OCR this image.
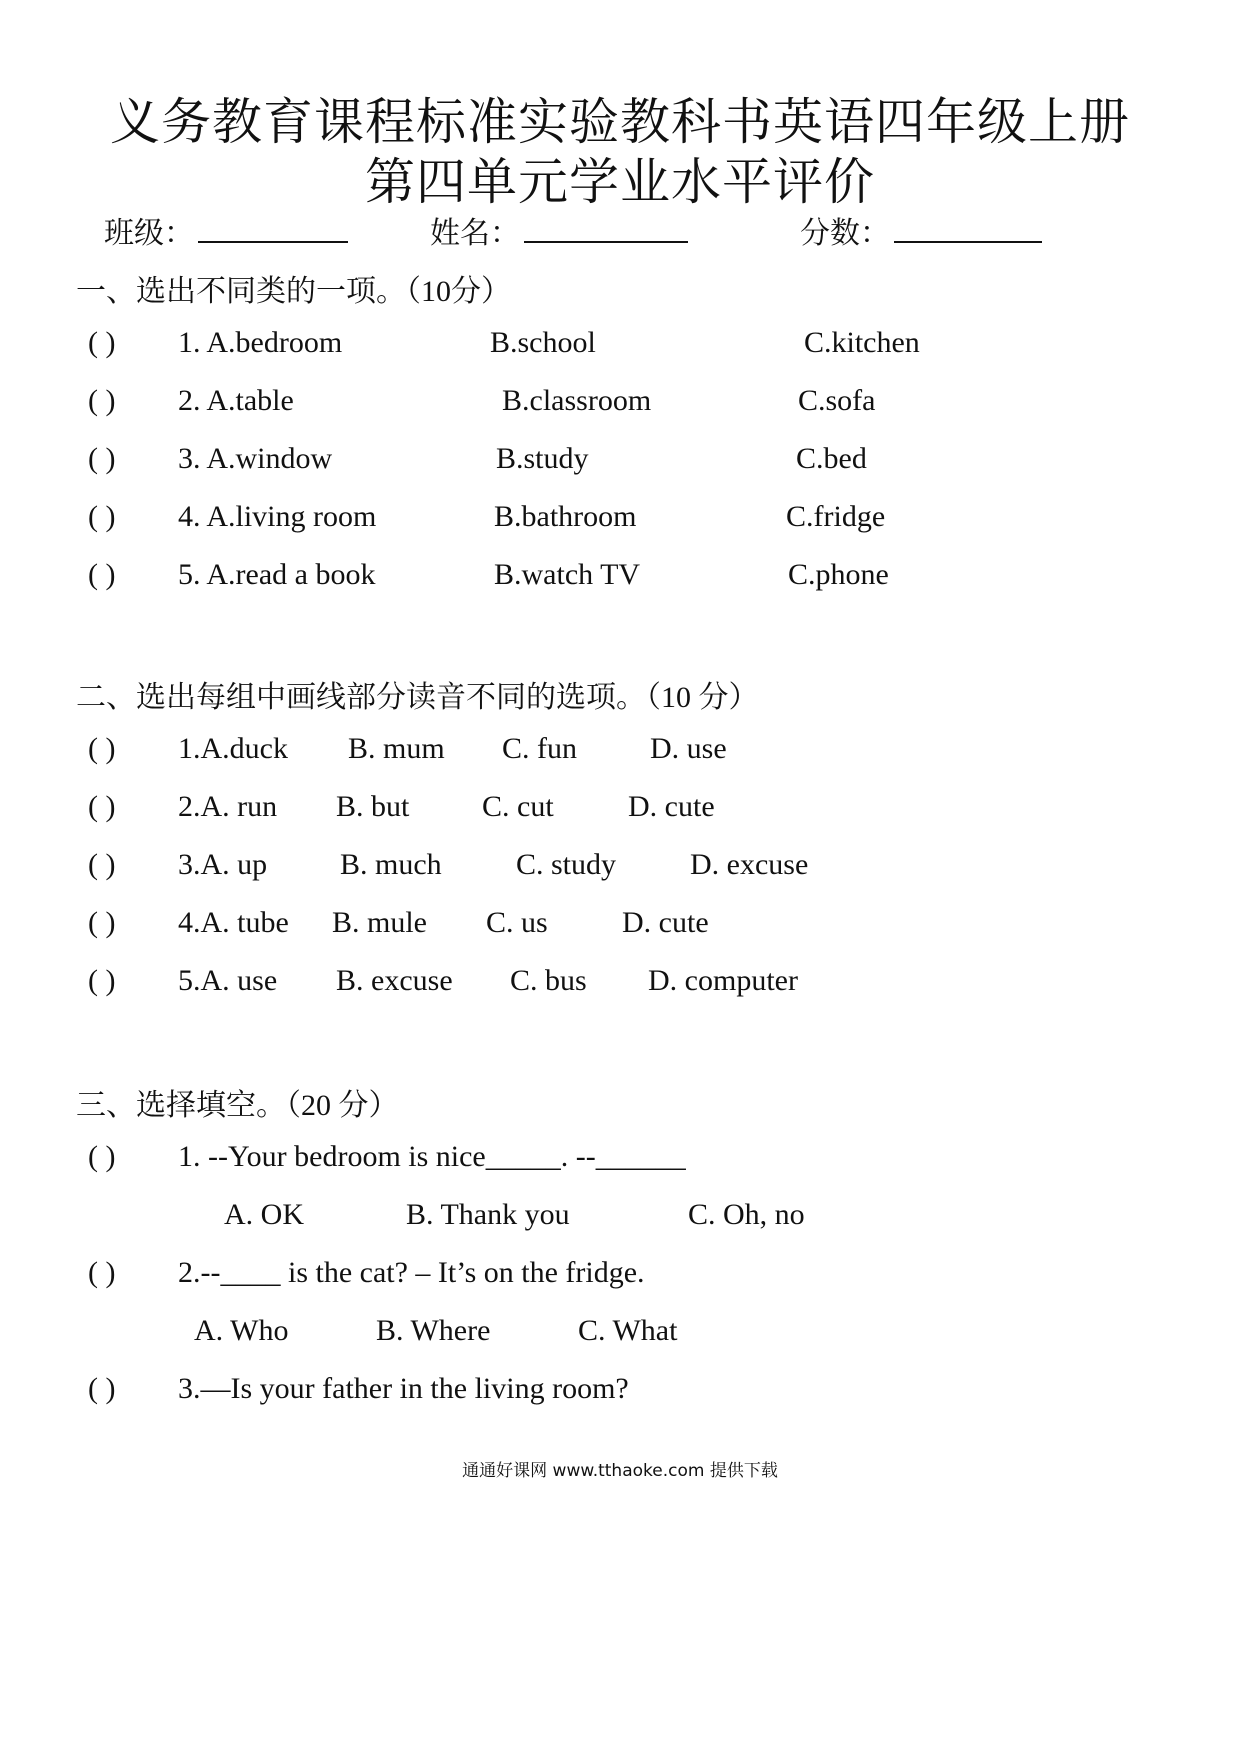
义务教育课程标准实验教科书英语四年级上册
第四单元学业水平评价
班级：	姓名：	分数：
一、选出不同类的一项。（10分）
( ) 1. A.bedroom	B.school	C.kitchen
( ) 2. A.table	B.classroom	C.sofa
( ) 3. A.window	B.study	C.bed
( ) 4. A.living room	B.bathroom	C.fridge
( ) 5. A.read a book	B.watch TV	C.phone
二、选出每组中画线部分读音不同的选项。（10 分）
( ) 1.A.duck B. mum C. fun D. use
( ) 2.A. run B. but C. cut D. cute
( ) 3.A. up B. much C. study D. excuse
( ) 4.A. tube B. mule C. us D. cute
( ) 5.A. use B. excuse C. bus D. computer
三、选择填空。（20 分）
( ) 1. --Your bedroom is nice_____. --______
A. OK	B. Thank you	C. Oh, no
( ) 2.--____ is the cat? – It’s on the fridge.
A. Who	B. Where	C. What
( ) 3.—Is your father in the living room?
通通好课网 www.tthaoke.com 提供下载
